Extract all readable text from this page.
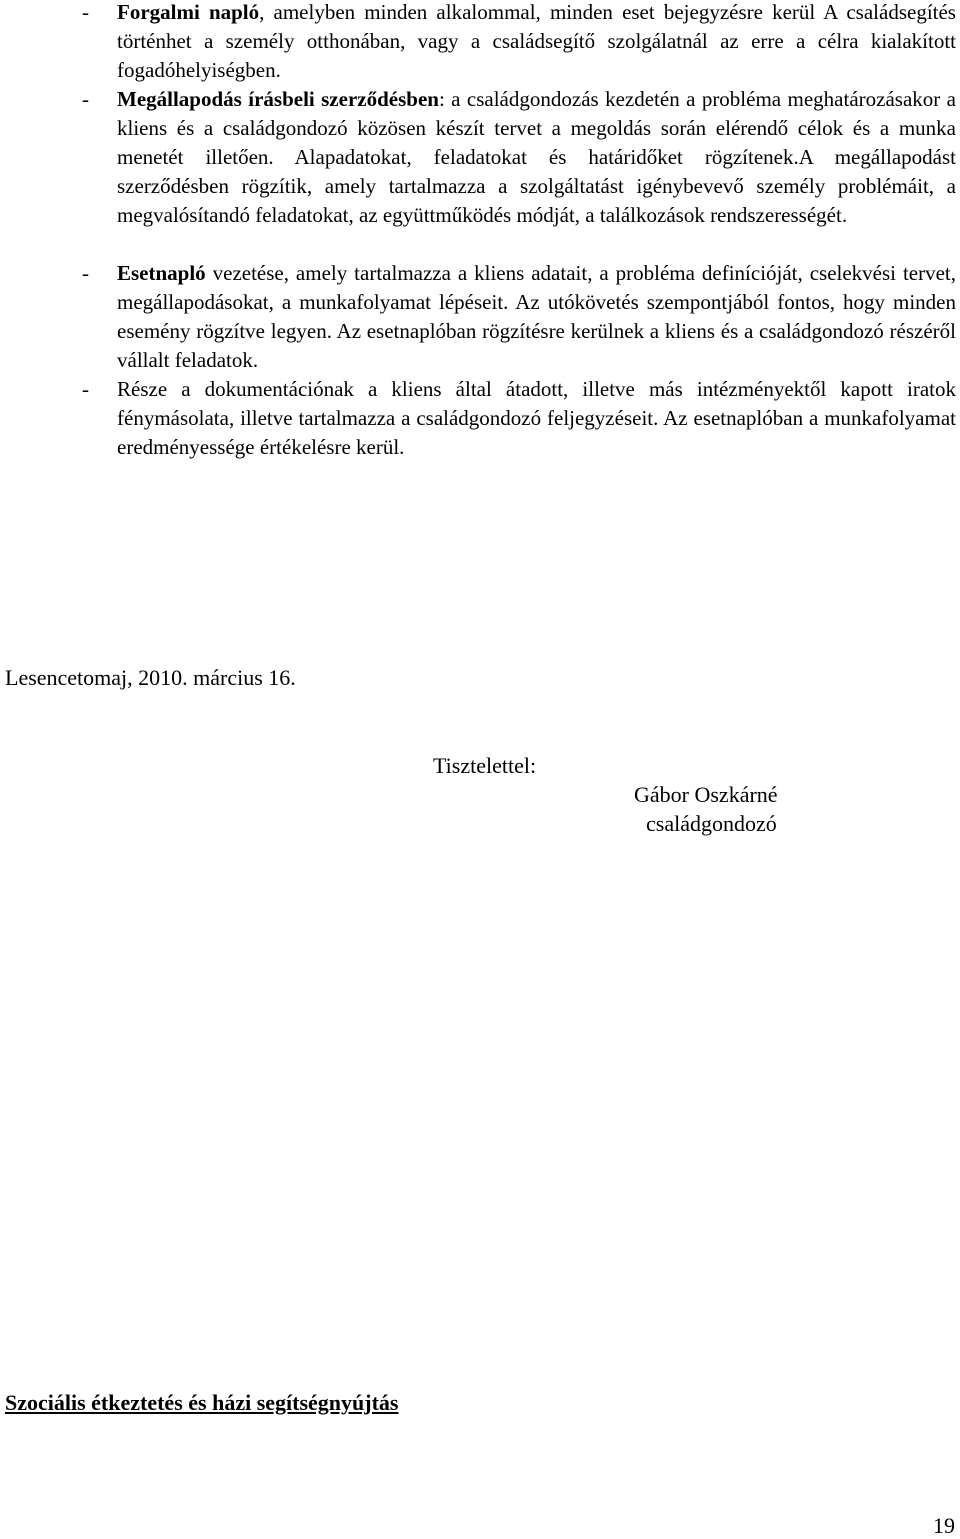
- Forgalmi napló, amelyben minden alkalommal, minden eset bejegyzésre kerül A családsegítés történhet a személy otthonában, vagy a családsegítő szolgálatnál az erre a célra kialakított fogadóhelyiségben.
- Megállapodás írásbeli szerződésben: a családgondozás kezdetén a probléma meghatározásakor a kliens és a családgondozó közösen készít tervet a megoldás során elérendő célok és a munka menetét illetően. Alapadatokat, feladatokat és határidőket rögzítenek.A megállapodást szerződésben rögzítik, amely tartalmazza a szolgáltatást igénybevevő személy problémáit, a megvalósítandó feladatokat, az együttműködés módját, a találkozások rendszerességét.
- Esetnapló vezetése, amely tartalmazza a kliens adatait, a probléma definícióját, cselekvési tervet, megállapodásokat, a munkafolyamat lépéseit. Az utókövetés szempontjából fontos, hogy minden esemény rögzítve legyen. Az esetnaplóban rögzítésre kerülnek a kliens és a családgondozó részéről vállalt feladatok.
- Része a dokumentációnak a kliens által átadott, illetve más intézményektől kapott iratok fénymásolata, illetve tartalmazza a családgondozó feljegyzéseit. Az esetnaplóban a munkafolyamat eredményessége értékelésre kerül.
Lesencetomaj, 2010. március 16.
Tisztelettel:
Gábor Oszkárné
családgondozó
Szociális étkeztetés és házi segítségnyújtás
19
